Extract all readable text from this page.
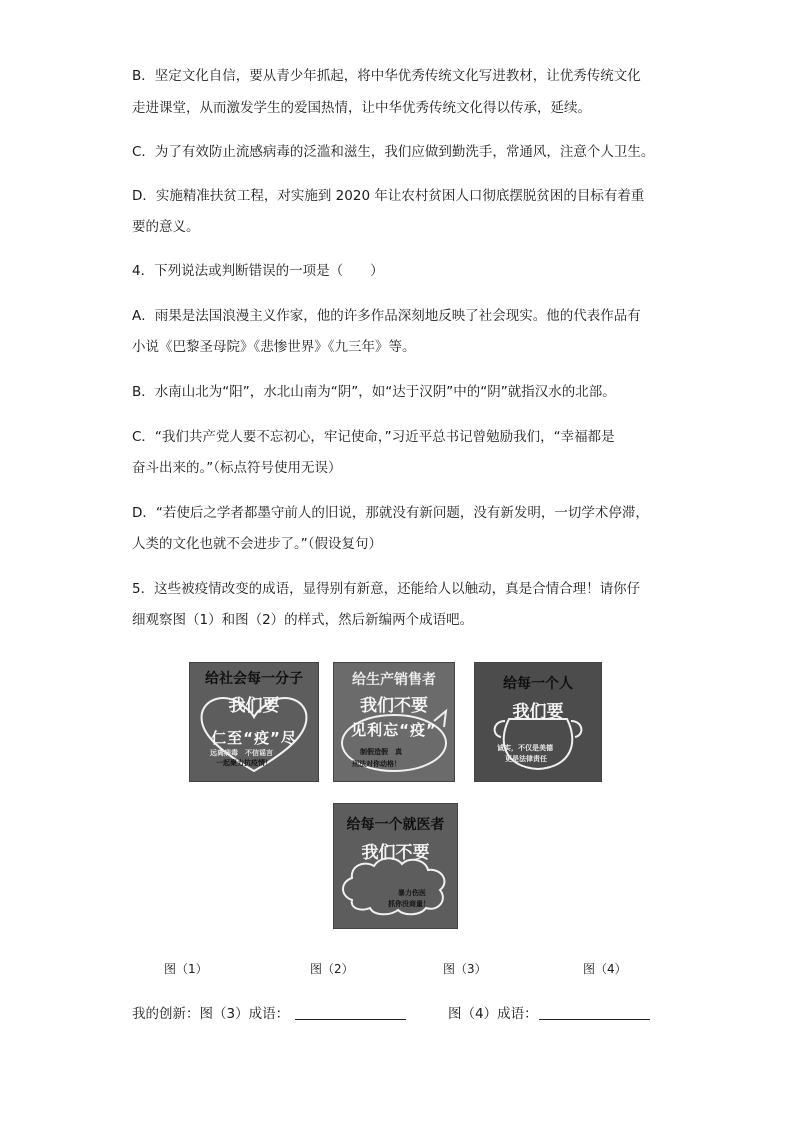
B．坚定文化自信，要从青少年抓起，将中华优秀传统文化写进教材，让优秀传统文化

走进课堂，从而激发学生的爱国热情，让中华优秀传统文化得以传承，延续。

C．为了有效防止流感病毒的泛滥和滋生，我们应做到勤洗手，常通风，注意个人卫生。

D．实施精准扶贫工程，对实施到 2020 年让农村贫困人口彻底摆脱贫困的目标有着重

要的意义。

4．下列说法或判断错误的一项是（　　）

A．雨果是法国浪漫主义作家，他的许多作品深刻地反映了社会现实。他的代表作品有

小说《巴黎圣母院》《悲惨世界》《九三年》等。

B．水南山北为“阳”，水北山南为“阴”，如“达于汉阴”中的“阴”就指汉水的北部。

C．“我们共产党人要不忘初心，牢记使命，”习近平总书记曾勉励我们，“幸福都是

奋斗出来的。”（标点符号使用无误）

D．“若使后之学者都墨守前人的旧说，那就没有新问题，没有新发明，一切学术停滞，

人类的文化也就不会进步了。”（假设复句）

5．这些被疫情改变的成语，显得别有新意，还能给人以触动，真是合情合理！请你仔

细观察图（1）和图（2）的样式，然后新编两个成语吧。

给社会每一分子
我们要
仁至“疫”尽
远离病毒　不信谣言
一起聚力抗疫情！
给生产销售者
我们不要
见利忘“疫”
制假造假　真
刑法对你动格！
给每一个人
我们要
诚实，不仅是美德
更是法律责任
给每一个就医者
我们不要
暴力伤医
抓你没商量！
图（1）	图（2）	图（3）	图（4）

我的创新：图（3）成语：	图（4）成语：
